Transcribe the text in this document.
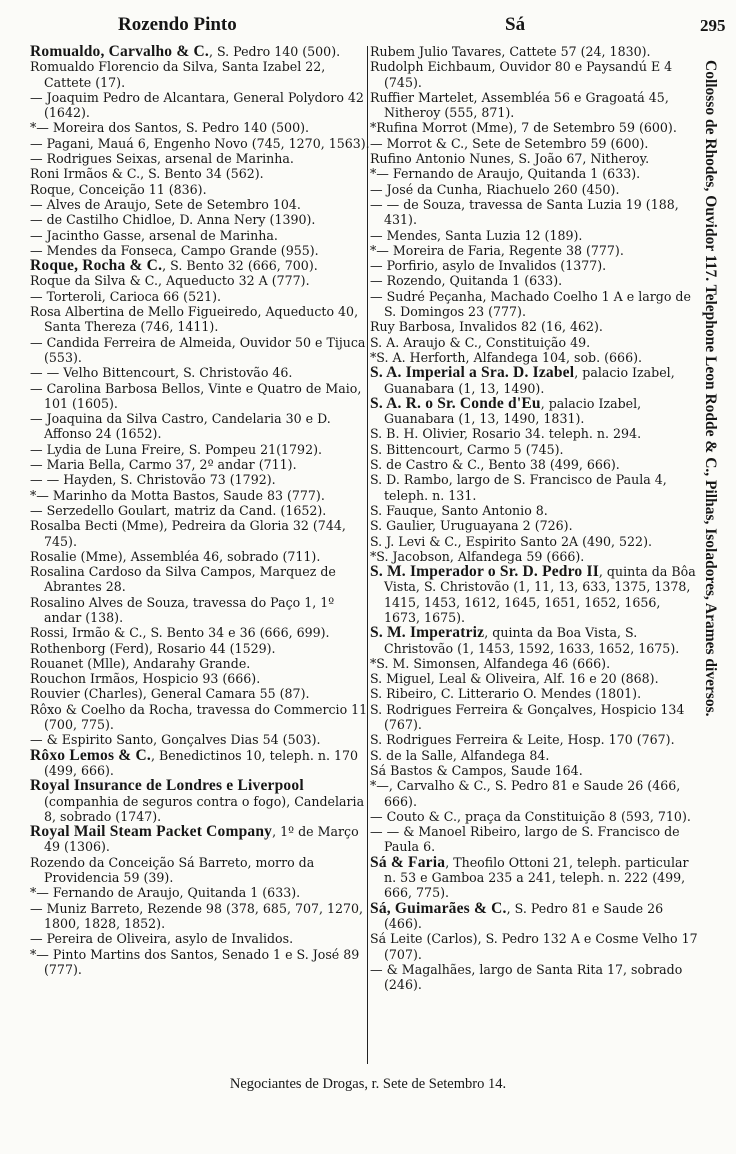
Rozendo Pinto	Sá	295

Romualdo, Carvalho & C., S. Pedro 140 (500).

Romualdo Florencio da Silva, Santa Izabel 22, Cattete (17).

— Joaquim Pedro de Alcantara, General Polydoro 42 (1642).

*— Moreira dos Santos, S. Pedro 140 (500).

— Pagani, Mauá 6, Engenho Novo (745, 1270, 1563).

— Rodrigues Seixas, arsenal de Marinha.

Roni Irmãos & C., S. Bento 34 (562).

Roque, Conceição 11 (836).

— Alves de Araujo, Sete de Setembro 104.

— de Castilho Chidloe, D. Anna Nery (1390).

— Jacintho Gasse, arsenal de Marinha.

— Mendes da Fonseca, Campo Grande (955).

Roque, Rocha & C., S. Bento 32 (666, 700).

Roque da Silva & C., Aqueducto 32 A (777).

— Torteroli, Carioca 66 (521).

Rosa Albertina de Mello Figueiredo, Aqueducto 40, Santa Thereza (746, 1411).

— Candida Ferreira de Almeida, Ouvidor 50 e Tijuca (553).

— — Velho Bittencourt, S. Christovão 46.

— Carolina Barbosa Bellos, Vinte e Quatro de Maio, 101 (1605).

— Joaquina da Silva Castro, Candelaria 30 e D. Affonso 24 (1652).

— Lydia de Luna Freire, S. Pompeu 21(1792).

— Maria Bella, Carmo 37, 2º andar (711).

— — Hayden, S. Christovão 73 (1792).

*— Marinho da Motta Bastos, Saude 83 (777).

— Serzedello Goulart, matriz da Cand. (1652).

Rosalba Becti (Mme), Pedreira da Gloria 32 (744, 745).

Rosalie (Mme), Assembléa 46, sobrado (711).

Rosalina Cardoso da Silva Campos, Marquez de Abrantes 28.

Rosalino Alves de Souza, travessa do Paço 1, 1º andar (138).

Rossi, Irmão & C., S. Bento 34 e 36 (666, 699).

Rothenborg (Ferd), Rosario 44 (1529).

Rouanet (Mlle), Andarahy Grande.

Rouchon Irmãos, Hospicio 93 (666).

Rouvier (Charles), General Camara 55 (87).

Rôxo & Coelho da Rocha, travessa do Commercio 11 (700, 775).

— & Espirito Santo, Gonçalves Dias 54 (503).

Rôxo Lemos & C., Benedictinos 10, teleph. n. 170 (499, 666).

Royal Insurance de Londres e Liverpool (companhia de seguros contra o fogo), Candelaria 8, sobrado (1747).

Royal Mail Steam Packet Company, 1º de Março 49 (1306).

Rozendo da Conceição Sá Barreto, morro da Providencia 59 (39).

*— Fernando de Araujo, Quitanda 1 (633).

— Muniz Barreto, Rezende 98 (378, 685, 707, 1270, 1800, 1828, 1852).

— Pereira de Oliveira, asylo de Invalidos.

*— Pinto Martins dos Santos, Senado 1 e S. José 89 (777).

Rubem Julio Tavares, Cattete 57 (24, 1830).

Rudolph Eichbaum, Ouvidor 80 e Paysandú E 4 (745).

Ruffier Martelet, Assembléa 56 e Gragoatá 45, Nitheroy (555, 871).

*Rufina Morrot (Mme), 7 de Setembro 59 (600).

— Morrot & C., Sete de Setembro 59 (600).

Rufino Antonio Nunes, S. João 67, Nitheroy.

*— Fernando de Araujo, Quitanda 1 (633).

— José da Cunha, Riachuelo 260 (450).

— — de Souza, travessa de Santa Luzia 19 (188, 431).

— Mendes, Santa Luzia 12 (189).

*— Moreira de Faria, Regente 38 (777).

— Porfirio, asylo de Invalidos (1377).

— Rozendo, Quitanda 1 (633).

— Sudré Peçanha, Machado Coelho 1 A e largo de S. Domingos 23 (777).

Ruy Barbosa, Invalidos 82 (16, 462).

S. A. Araujo & C., Constituição 49.

*S. A. Herforth, Alfandega 104, sob. (666).

S. A. Imperial a Sra. D. Izabel, palacio Izabel, Guanabara (1, 13, 1490).

S. A. R. o Sr. Conde d'Eu, palacio Izabel, Guanabara (1, 13, 1490, 1831).

S. B. H. Olivier, Rosario 34. teleph. n. 294.

S. Bittencourt, Carmo 5 (745).

S. de Castro & C., Bento 38 (499, 666).

S. D. Rambo, largo de S. Francisco de Paula 4, teleph. n. 131.

S. Fauque, Santo Antonio 8.

S. Gaulier, Uruguayana 2 (726).

S. J. Levi & C., Espirito Santo 2A (490, 522).

*S. Jacobson, Alfandega 59 (666).

S. M. Imperador o Sr. D. Pedro II, quinta da Bôa Vista, S. Christovão (1, 11, 13, 633, 1375, 1378, 1415, 1453, 1612, 1645, 1651, 1652, 1656, 1673, 1675).

S. M. Imperatriz, quinta da Boa Vista, S. Christovão (1, 1453, 1592, 1633, 1652, 1675).

*S. M. Simonsen, Alfandega 46 (666).

S. Miguel, Leal & Oliveira, Alf. 16 e 20 (868).

S. Ribeiro, C. Litterario O. Mendes (1801).

S. Rodrigues Ferreira & Gonçalves, Hospicio 134 (767).

S. Rodrigues Ferreira & Leite, Hosp. 170 (767).

S. de la Salle, Alfandega 84.

Sá Bastos & Campos, Saude 164.

*—, Carvalho & C., S. Pedro 81 e Saude 26 (466, 666).

— Couto & C., praça da Constituição 8 (593, 710).

— — & Manoel Ribeiro, largo de S. Francisco de Paula 6.

Sá & Faria, Theofilo Ottoni 21, teleph. particular n. 53 e Gamboa 235 a 241, teleph. n. 222 (499, 666, 775).

Sá, Guimarães & C., S. Pedro 81 e Saude 26 (466).

Sá Leite (Carlos), S. Pedro 132 A e Cosme Velho 17 (707).

— & Magalhães, largo de Santa Rita 17, sobrado (246).

Collosso de Rhodes, Ouvidor 117. Telephone Leon Rodde & C., Pilhas, Isoladores, Arames diversos.
Negociantes de Drogas, r. Sete de Setembro 14.
